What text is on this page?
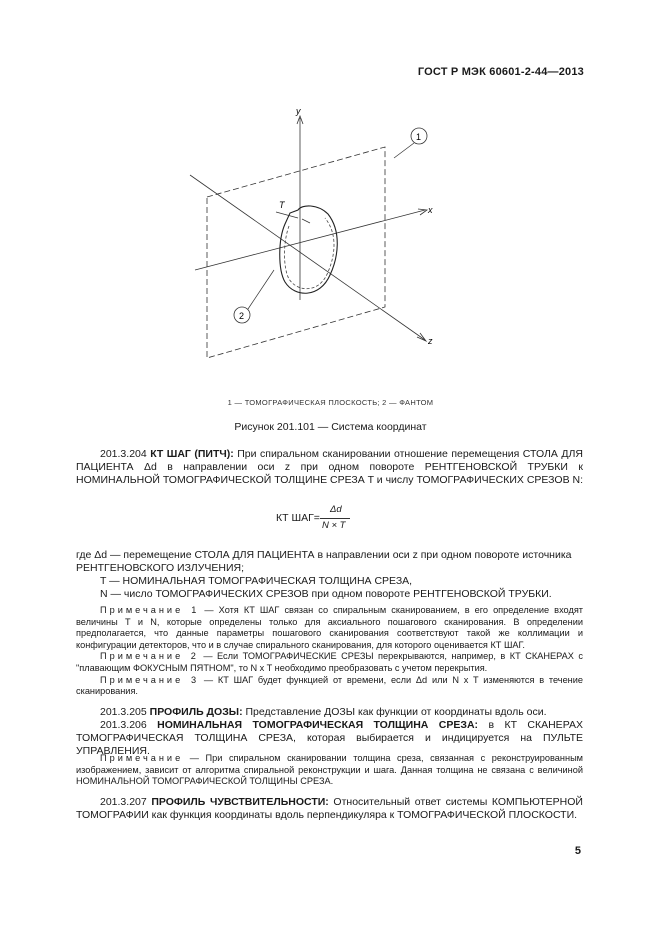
ГОСТ Р МЭК 60601-2-44—2013
y
x
z
T
1
2
1 — ТОМОГРАФИЧЕСКАЯ ПЛОСКОСТЬ; 2 — ФАНТОМ
Рисунок 201.101 — Система координат

201.3.204 КТ ШАГ (ПИТЧ): При спиральном сканировании отношение перемещения СТОЛА ДЛЯ ПАЦИЕНТА Δd в направлении оси z при одном повороте РЕНТГЕНОВСКОЙ ТРУБКИ к НОМИНАЛЬНОЙ ТОМОГРАФИЧЕСКОЙ ТОЛЩИНЕ СРЕЗА T и числу ТОМОГРАФИЧЕСКИХ СРЕЗОВ N:

КТ ШАГ=
Δd
N × T

где Δd — перемещение СТОЛА ДЛЯ ПАЦИЕНТА в направлении оси z при одном повороте источника РЕНТГЕНОВСКОГО ИЗЛУЧЕНИЯ;

T — НОМИНАЛЬНАЯ ТОМОГРАФИЧЕСКАЯ ТОЛЩИНА СРЕЗА,

N — число ТОМОГРАФИЧЕСКИХ СРЕЗОВ при одном повороте РЕНТГЕНОВСКОЙ ТРУБКИ.

Примечание 1 — Хотя КТ ШАГ связан со спиральным сканированием, в его определение входят величины T и N, которые определены только для аксиального пошагового сканирования. В определении предполагается, что данные параметры пошагового сканирования соответствуют такой же коллимации и конфигурации детекторов, что и в случае спирального сканирования, для которого оценивается КТ ШАГ.

Примечание 2 — Если ТОМОГРАФИЧЕСКИЕ СРЕЗЫ перекрываются, например, в КТ СКАНЕРАХ с "плавающим ФОКУСНЫМ ПЯТНОМ", то N x T необходимо преобразовать с учетом перекрытия.

Примечание 3 — КТ ШАГ будет функцией от времени, если Δd или N x T изменяются в течение сканирования.

201.3.205 ПРОФИЛЬ ДОЗЫ: Представление ДОЗЫ как функции от координаты вдоль оси.

201.3.206 НОМИНАЛЬНАЯ ТОМОГРАФИЧЕСКАЯ ТОЛЩИНА СРЕЗА: в КТ СКАНЕРАХ ТОМОГРАФИЧЕСКАЯ ТОЛЩИНА СРЕЗА, которая выбирается и индицируется на ПУЛЬТЕ УПРАВЛЕНИЯ.

Примечание — При спиральном сканировании толщина среза, связанная с реконструированным изображением, зависит от алгоритма спиральной реконструкции и шага. Данная толщина не связана с величиной НОМИНАЛЬНОЙ ТОМОГРАФИЧЕСКОЙ ТОЛЩИНЫ СРЕЗА.

201.3.207 ПРОФИЛЬ ЧУВСТВИТЕЛЬНОСТИ: Относительный ответ системы КОМПЬЮТЕРНОЙ ТОМОГРАФИИ как функция координаты вдоль перпендикуляра к ТОМОГРАФИЧЕСКОЙ ПЛОСКОСТИ.

5
